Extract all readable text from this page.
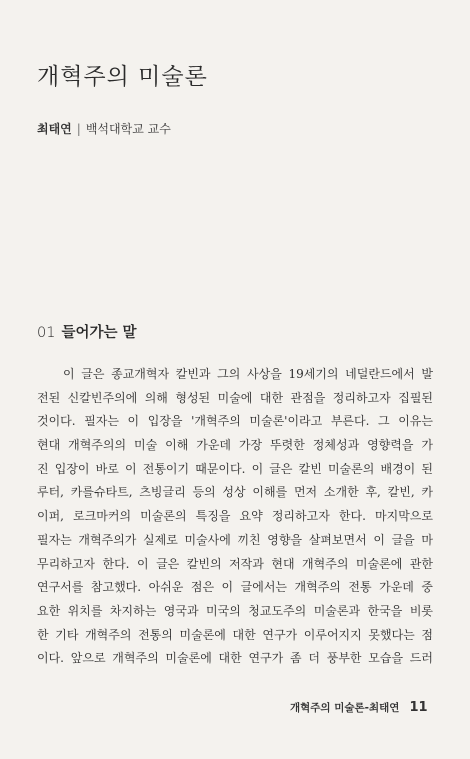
개혁주의 미술론
최태연 | 백석대학교 교수
01 들어가는 말
이 글은 종교개혁자 칼빈과 그의 사상을 19세기의 네덜란드에서 발
전된 신칼빈주의에 의해 형성된 미술에 대한 관점을 정리하고자 집필된
것이다. 필자는 이 입장을 '개혁주의 미술론'이라고 부른다. 그 이유는
현대 개혁주의의 미술 이해 가운데 가장 뚜렷한 정체성과 영향력을 가
진 입장이 바로 이 전통이기 때문이다. 이 글은 칼빈 미술론의 배경이 된
루터, 카를슈타트, 츠빙글리 등의 성상 이해를 먼저 소개한 후, 칼빈, 카
이퍼, 로크마커의 미술론의 특징을 요약 정리하고자 한다. 마지막으로
필자는 개혁주의가 실제로 미술사에 끼친 영향을 살펴보면서 이 글을 마
무리하고자 한다. 이 글은 칼빈의 저작과 현대 개혁주의 미술론에 관한
연구서를 참고했다. 아쉬운 점은 이 글에서는 개혁주의 전통 가운데 중
요한 위치를 차지하는 영국과 미국의 청교도주의 미술론과 한국을 비롯
한 기타 개혁주의 전통의 미술론에 대한 연구가 이루어지지 못했다는 점
이다. 앞으로 개혁주의 미술론에 대한 연구가 좀 더 풍부한 모습을 드러
개혁주의 미술론-최태연 11
